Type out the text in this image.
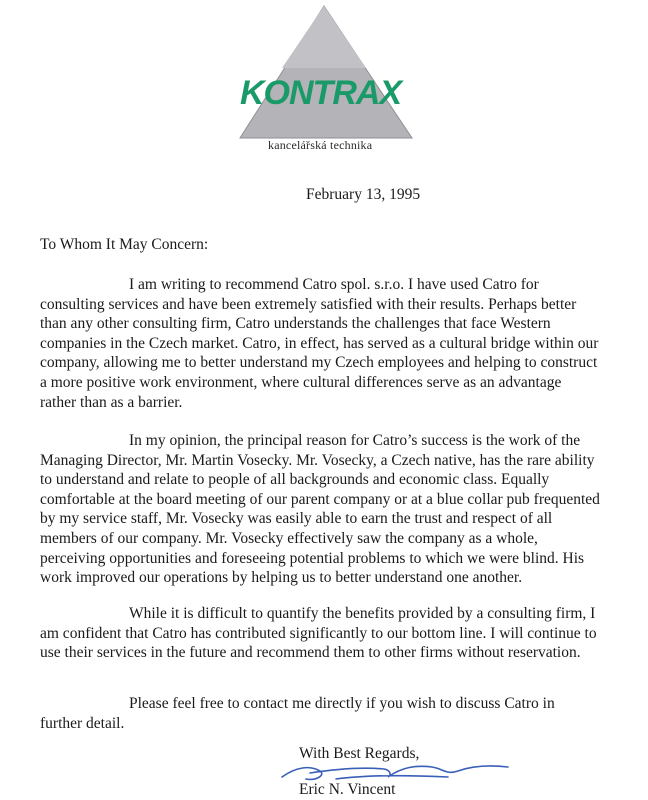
KONTRAX
kancelářská technika
February 13, 1995
To Whom It May Concern:

I am writing to recommend Catro spol. s.r.o. I have used Catro for consulting services and have been extremely satisfied with their results. Perhaps better than any other consulting firm, Catro understands the challenges that face Western companies in the Czech market. Catro, in effect, has served as a cultural bridge within our company, allowing me to better understand my Czech employees and helping to construct a more positive work environment, where cultural differences serve as an advantage rather than as a barrier.

In my opinion, the principal reason for Catro’s success is the work of the Managing Director, Mr. Martin Vosecky. Mr. Vosecky, a Czech native, has the rare ability to understand and relate to people of all backgrounds and economic class. Equally comfortable at the board meeting of our parent company or at a blue collar pub frequented by my service staff, Mr. Vosecky was easily able to earn the trust and respect of all members of our company. Mr. Vosecky effectively saw the company as a whole, perceiving opportunities and foreseeing potential problems to which we were blind. His work improved our operations by helping us to better understand one another.

While it is difficult to quantify the benefits provided by a consulting firm, I am confident that Catro has contributed significantly to our bottom line. I will continue to use their services in the future and recommend them to other firms without reservation.

Please feel free to contact me directly if you wish to discuss Catro in further detail.

With Best Regards,
Eric N. Vincent
